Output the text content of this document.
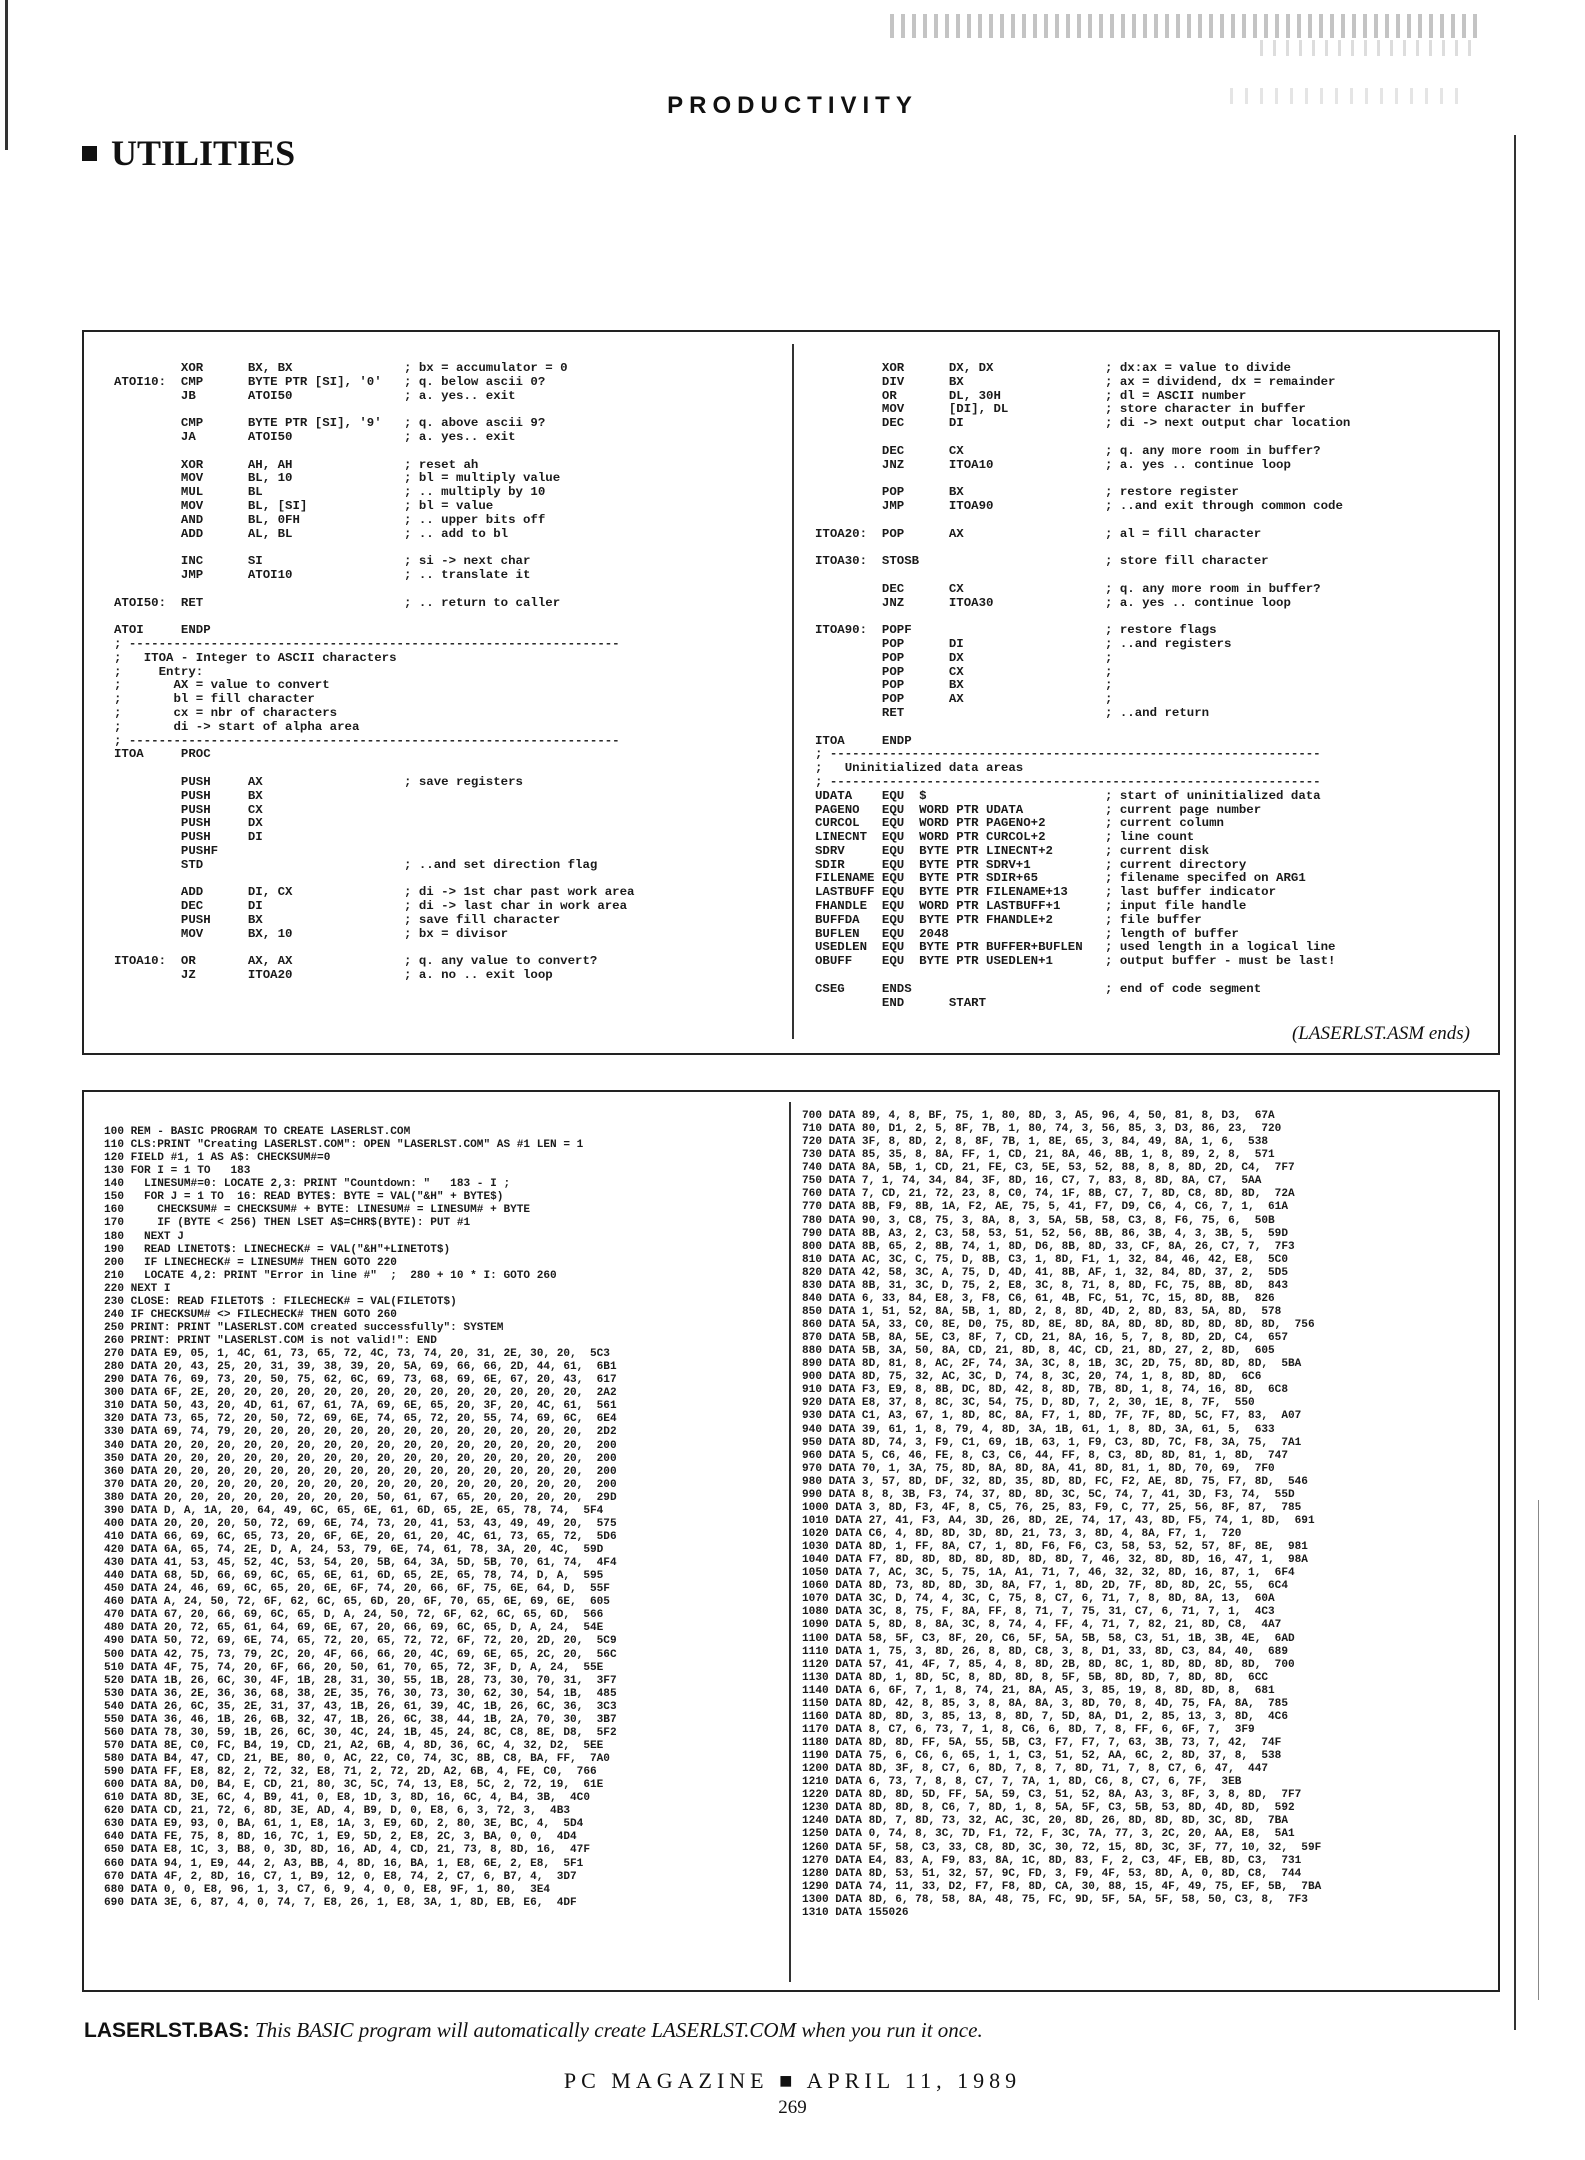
PRODUCTIVITY
UTILITIES
XOR      BX, BX               ; bx = accumulator = 0
ATOI10:  CMP      BYTE PTR [SI], '0'   ; q. below ascii 0?
JB       ATOI50               ; a. yes.. exit

CMP      BYTE PTR [SI], '9'   ; q. above ascii 9?
JA       ATOI50               ; a. yes.. exit

XOR      AH, AH               ; reset ah
MOV      BL, 10               ; bl = multiply value
MUL      BL                   ; .. multiply by 10
MOV      BL, [SI]             ; bl = value
AND      BL, 0FH              ; .. upper bits off
ADD      AL, BL               ; .. add to bl

INC      SI                   ; si -> next char
JMP      ATOI10               ; .. translate it

ATOI50:  RET                           ; .. return to caller

ATOI     ENDP
; ------------------------------------------------------------------
;   ITOA - Integer to ASCII characters
;     Entry:
;       AX = value to convert
;       bl = fill character
;       cx = nbr of characters
;       di -> start of alpha area
; ------------------------------------------------------------------
ITOA     PROC

PUSH     AX                   ; save registers
PUSH     BX
PUSH     CX
PUSH     DX
PUSH     DI
PUSHF
STD                           ; ..and set direction flag

ADD      DI, CX               ; di -> 1st char past work area
DEC      DI                   ; di -> last char in work area
PUSH     BX                   ; save fill character
MOV      BX, 10               ; bx = divisor

ITOA10:  OR       AX, AX               ; q. any value to convert?
JZ       ITOA20               ; a. no .. exit loop
XOR      DX, DX               ; dx:ax = value to divide
DIV      BX                   ; ax = dividend, dx = remainder
OR       DL, 30H              ; dl = ASCII number
MOV      [DI], DL             ; store character in buffer
DEC      DI                   ; di -> next output char location

DEC      CX                   ; q. any more room in buffer?
JNZ      ITOA10               ; a. yes .. continue loop

POP      BX                   ; restore register
JMP      ITOA90               ; ..and exit through common code

ITOA20:  POP      AX                   ; al = fill character

ITOA30:  STOSB                         ; store fill character

DEC      CX                   ; q. any more room in buffer?
JNZ      ITOA30               ; a. yes .. continue loop

ITOA90:  POPF                          ; restore flags
POP      DI                   ; ..and registers
POP      DX                   ;
POP      CX                   ;
POP      BX                   ;
POP      AX                   ;
RET                           ; ..and return

ITOA     ENDP
; ------------------------------------------------------------------
;   Uninitialized data areas
; ------------------------------------------------------------------
UDATA    EQU  $                        ; start of uninitialized data
PAGENO   EQU  WORD PTR UDATA           ; current page number
CURCOL   EQU  WORD PTR PAGENO+2        ; current column
LINECNT  EQU  WORD PTR CURCOL+2        ; line count
SDRV     EQU  BYTE PTR LINECNT+2       ; current disk
SDIR     EQU  BYTE PTR SDRV+1          ; current directory
FILENAME EQU  BYTE PTR SDIR+65         ; filename specifed on ARG1
LASTBUFF EQU  BYTE PTR FILENAME+13     ; last buffer indicator
FHANDLE  EQU  WORD PTR LASTBUFF+1      ; input file handle
BUFFDA   EQU  BYTE PTR FHANDLE+2       ; file buffer
BUFLEN   EQU  2048                     ; length of buffer
USEDLEN  EQU  BYTE PTR BUFFER+BUFLEN   ; used length in a logical line
OBUFF    EQU  BYTE PTR USEDLEN+1       ; output buffer - must be last!

CSEG     ENDS                          ; end of code segment
END      START
(LASERLST.ASM ends)
100 REM - BASIC PROGRAM TO CREATE LASERLST.COM
110 CLS:PRINT "Creating LASERLST.COM": OPEN "LASERLST.COM" AS #1 LEN = 1
120 FIELD #1, 1 AS A$: CHECKSUM#=0
130 FOR I = 1 TO   183
140   LINESUM#=0: LOCATE 2,3: PRINT "Countdown: "   183 - I ;
150   FOR J = 1 TO  16: READ BYTE$: BYTE = VAL("&H" + BYTE$)
160     CHECKSUM# = CHECKSUM# + BYTE: LINESUM# = LINESUM# + BYTE
170     IF (BYTE < 256) THEN LSET A$=CHR$(BYTE): PUT #1
180   NEXT J
190   READ LINETOT$: LINECHECK# = VAL("&H"+LINETOT$)
200   IF LINECHECK# = LINESUM# THEN GOTO 220
210   LOCATE 4,2: PRINT "Error in line #"  ;  280 + 10 * I: GOTO 260
220 NEXT I
230 CLOSE: READ FILETOT$ : FILECHECK# = VAL(FILETOT$)
240 IF CHECKSUM# <> FILECHECK# THEN GOTO 260
250 PRINT: PRINT "LASERLST.COM created successfully": SYSTEM
260 PRINT: PRINT "LASERLST.COM is not valid!": END
270 DATA E9, 05, 1, 4C, 61, 73, 65, 72, 4C, 73, 74, 20, 31, 2E, 30, 20,  5C3
280 DATA 20, 43, 25, 20, 31, 39, 38, 39, 20, 5A, 69, 66, 66, 2D, 44, 61,  6B1
290 DATA 76, 69, 73, 20, 50, 75, 62, 6C, 69, 73, 68, 69, 6E, 67, 20, 43,  617
300 DATA 6F, 2E, 20, 20, 20, 20, 20, 20, 20, 20, 20, 20, 20, 20, 20, 20,  2A2
310 DATA 50, 43, 20, 4D, 61, 67, 61, 7A, 69, 6E, 65, 20, 3F, 20, 4C, 61,  561
320 DATA 73, 65, 72, 20, 50, 72, 69, 6E, 74, 65, 72, 20, 55, 74, 69, 6C,  6E4
330 DATA 69, 74, 79, 20, 20, 20, 20, 20, 20, 20, 20, 20, 20, 20, 20, 20,  2D2
340 DATA 20, 20, 20, 20, 20, 20, 20, 20, 20, 20, 20, 20, 20, 20, 20, 20,  200
350 DATA 20, 20, 20, 20, 20, 20, 20, 20, 20, 20, 20, 20, 20, 20, 20, 20,  200
360 DATA 20, 20, 20, 20, 20, 20, 20, 20, 20, 20, 20, 20, 20, 20, 20, 20,  200
370 DATA 20, 20, 20, 20, 20, 20, 20, 20, 20, 20, 20, 20, 20, 20, 20, 20,  200
380 DATA 20, 20, 20, 20, 20, 20, 20, 20, 50, 61, 67, 65, 20, 20, 20, 20,  29D
390 DATA D, A, 1A, 20, 64, 49, 6C, 65, 6E, 61, 6D, 65, 2E, 65, 78, 74,  5F4
400 DATA 20, 20, 20, 50, 72, 69, 6E, 74, 73, 20, 41, 53, 43, 49, 49, 20,  575
410 DATA 66, 69, 6C, 65, 73, 20, 6F, 6E, 20, 61, 20, 4C, 61, 73, 65, 72,  5D6
420 DATA 6A, 65, 74, 2E, D, A, 24, 53, 79, 6E, 74, 61, 78, 3A, 20, 4C,  59D
430 DATA 41, 53, 45, 52, 4C, 53, 54, 20, 5B, 64, 3A, 5D, 5B, 70, 61, 74,  4F4
440 DATA 68, 5D, 66, 69, 6C, 65, 6E, 61, 6D, 65, 2E, 65, 78, 74, D, A,  595
450 DATA 24, 46, 69, 6C, 65, 20, 6E, 6F, 74, 20, 66, 6F, 75, 6E, 64, D,  55F
460 DATA A, 24, 50, 72, 6F, 62, 6C, 65, 6D, 20, 6F, 70, 65, 6E, 69, 6E,  605
470 DATA 67, 20, 66, 69, 6C, 65, D, A, 24, 50, 72, 6F, 62, 6C, 65, 6D,  566
480 DATA 20, 72, 65, 61, 64, 69, 6E, 67, 20, 66, 69, 6C, 65, D, A, 24,  54E
490 DATA 50, 72, 69, 6E, 74, 65, 72, 20, 65, 72, 72, 6F, 72, 20, 2D, 20,  5C9
500 DATA 42, 75, 73, 79, 2C, 20, 4F, 66, 66, 20, 4C, 69, 6E, 65, 2C, 20,  56C
510 DATA 4F, 75, 74, 20, 6F, 66, 20, 50, 61, 70, 65, 72, 3F, D, A, 24,  55E
520 DATA 1B, 26, 6C, 30, 4F, 1B, 28, 31, 30, 55, 1B, 28, 73, 30, 70, 31,  3F7
530 DATA 36, 2E, 36, 36, 68, 38, 2E, 35, 76, 30, 73, 30, 62, 30, 54, 1B,  485
540 DATA 26, 6C, 35, 2E, 31, 37, 43, 1B, 26, 61, 39, 4C, 1B, 26, 6C, 36,  3C3
550 DATA 36, 46, 1B, 26, 6B, 32, 47, 1B, 26, 6C, 38, 44, 1B, 2A, 70, 30,  3B7
560 DATA 78, 30, 59, 1B, 26, 6C, 30, 4C, 24, 1B, 45, 24, 8C, C8, 8E, D8,  5F2
570 DATA 8E, C0, FC, B4, 19, CD, 21, A2, 6B, 4, 8D, 36, 6C, 4, 32, D2,  5EE
580 DATA B4, 47, CD, 21, BE, 80, 0, AC, 22, C0, 74, 3C, 8B, C8, BA, FF,  7A0
590 DATA FF, E8, 82, 2, 72, 32, E8, 71, 2, 72, 2D, A2, 6B, 4, FE, C0,  766
600 DATA 8A, D0, B4, E, CD, 21, 80, 3C, 5C, 74, 13, E8, 5C, 2, 72, 19,  61E
610 DATA 8D, 3E, 6C, 4, B9, 41, 0, E8, 1D, 3, 8D, 16, 6C, 4, B4, 3B,  4C0
620 DATA CD, 21, 72, 6, 8D, 3E, AD, 4, B9, D, 0, E8, 6, 3, 72, 3,  4B3
630 DATA E9, 93, 0, BA, 61, 1, E8, 1A, 3, E9, 6D, 2, 80, 3E, BC, 4,  5D4
640 DATA FE, 75, 8, 8D, 16, 7C, 1, E9, 5D, 2, E8, 2C, 3, BA, 0, 0,  4D4
650 DATA E8, 1C, 3, B8, 0, 3D, 8D, 16, AD, 4, CD, 21, 73, 8, 8D, 16,  47F
660 DATA 94, 1, E9, 44, 2, A3, BB, 4, 8D, 16, BA, 1, E8, 6E, 2, E8,  5F1
670 DATA 4F, 2, 8D, 16, C7, 1, B9, 12, 0, E8, 74, 2, C7, 6, B7, 4,  3D7
680 DATA 0, 0, E8, 96, 1, 3, C7, 6, 9, 4, 0, 0, E8, 9F, 1, 80,  3E4
690 DATA 3E, 6, 87, 4, 0, 74, 7, E8, 26, 1, E8, 3A, 1, 8D, EB, E6,  4DF
700 DATA 89, 4, 8, BF, 75, 1, 80, 8D, 3, A5, 96, 4, 50, 81, 8, D3,  67A
710 DATA 80, D1, 2, 5, 8F, 7B, 1, 80, 74, 3, 56, 85, 3, D3, 86, 23,  720
720 DATA 3F, 8, 8D, 2, 8, 8F, 7B, 1, 8E, 65, 3, 84, 49, 8A, 1, 6,  538
730 DATA 85, 35, 8, 8A, FF, 1, CD, 21, 8A, 46, 8B, 1, 8, 89, 2, 8,  571
740 DATA 8A, 5B, 1, CD, 21, FE, C3, 5E, 53, 52, 88, 8, 8, 8D, 2D, C4,  7F7
750 DATA 7, 1, 74, 34, 84, 3F, 8D, 16, C7, 7, 83, 8, 8D, 8A, C7,  5AA
760 DATA 7, CD, 21, 72, 23, 8, C0, 74, 1F, 8B, C7, 7, 8D, C8, 8D, 8D,  72A
770 DATA 8B, F9, 8B, 1A, F2, AE, 75, 5, 41, F7, D9, C6, 4, C6, 7, 1,  61A
780 DATA 90, 3, C8, 75, 3, 8A, 8, 3, 5A, 5B, 58, C3, 8, F6, 75, 6,  50B
790 DATA 8B, A3, 2, C3, 58, 53, 51, 52, 56, 8B, 86, 3B, 4, 3, 3B, 5,  59D
800 DATA 8B, 65, 2, 8B, 74, 1, 8D, D6, 8B, 8D, 33, CF, 8A, 26, C7, 7,  7F3
810 DATA AC, 3C, C, 75, D, 8B, C3, 1, 8D, F1, 1, 32, 84, 46, 42, E8,  5C0
820 DATA 42, 58, 3C, A, 75, D, 4D, 41, 8B, AF, 1, 32, 84, 8D, 37, 2,  5D5
830 DATA 8B, 31, 3C, D, 75, 2, E8, 3C, 8, 71, 8, 8D, FC, 75, 8B, 8D,  843
840 DATA 6, 33, 84, E8, 3, F8, C6, 61, 4B, FC, 51, 7C, 15, 8D, 8B,  826
850 DATA 1, 51, 52, 8A, 5B, 1, 8D, 2, 8, 8D, 4D, 2, 8D, 83, 5A, 8D,  578
860 DATA 5A, 33, C0, 8E, D0, 75, 8D, 8E, 8D, 8A, 8D, 8D, 8D, 8D, 8D, 8D,  756
870 DATA 5B, 8A, 5E, C3, 8F, 7, CD, 21, 8A, 16, 5, 7, 8, 8D, 2D, C4,  657
880 DATA 5B, 3A, 50, 8A, CD, 21, 8D, 8, 4C, CD, 21, 8D, 27, 2, 8D,  605
890 DATA 8D, 81, 8, AC, 2F, 74, 3A, 3C, 8, 1B, 3C, 2D, 75, 8D, 8D, 8D,  5BA
900 DATA 8D, 75, 32, AC, 3C, D, 74, 8, 3C, 20, 74, 1, 8, 8D, 8D,  6C6
910 DATA F3, E9, 8, 8B, DC, 8D, 42, 8, 8D, 7B, 8D, 1, 8, 74, 16, 8D,  6C8
920 DATA E8, 37, 8, 8C, 3C, 54, 75, D, 8D, 7, 2, 30, 1E, 8, 7F,  550
930 DATA C1, A3, 67, 1, 8D, 8C, 8A, F7, 1, 8D, 7F, 7F, 8D, 5C, F7, 83,  A07
940 DATA 39, 61, 1, 8, 79, 4, 8D, 3A, 1B, 61, 1, 8, 8D, 3A, 61, 5,  633
950 DATA 8D, 74, 3, F9, C1, 69, 1B, 63, 1, F9, C3, 8D, 7C, F8, 3A, 75,  7A1
960 DATA 5, C6, 46, FE, 8, C3, C6, 44, FF, 8, C3, 8D, 8D, 81, 1, 8D,  747
970 DATA 70, 1, 3A, 75, 8D, 8A, 8D, 8A, 41, 8D, 81, 1, 8D, 70, 69,  7F0
980 DATA 3, 57, 8D, DF, 32, 8D, 35, 8D, 8D, FC, F2, AE, 8D, 75, F7, 8D,  546
990 DATA 8, 8, 3B, F3, 74, 37, 8D, 8D, 3C, 5C, 74, 7, 41, 3D, F3, 74,  55D
1000 DATA 3, 8D, F3, 4F, 8, C5, 76, 25, 83, F9, C, 77, 25, 56, 8F, 87,  785
1010 DATA 27, 41, F3, A4, 3D, 26, 8D, 2E, 74, 17, 43, 8D, F5, 74, 1, 8D,  691
1020 DATA C6, 4, 8D, 8D, 3D, 8D, 21, 73, 3, 8D, 4, 8A, F7, 1,  720
1030 DATA 8D, 1, FF, 8A, C7, 1, 8D, F6, F6, C3, 58, 53, 52, 57, 8F, 8E,  981
1040 DATA F7, 8D, 8D, 8D, 8D, 8D, 8D, 8D, 7, 46, 32, 8D, 8D, 16, 47, 1,  98A
1050 DATA 7, AC, 3C, 5, 75, 1A, A1, 71, 7, 46, 32, 32, 8D, 16, 87, 1,  6F4
1060 DATA 8D, 73, 8D, 8D, 3D, 8A, F7, 1, 8D, 2D, 7F, 8D, 8D, 2C, 55,  6C4
1070 DATA 3C, D, 74, 4, 3C, C, 75, 8, C7, 6, 71, 7, 8, 8D, 8A, 13,  60A
1080 DATA 3C, 8, 75, F, 8A, FF, 8, 71, 7, 75, 31, C7, 6, 71, 7, 1,  4C3
1090 DATA 5, 8D, 8, 8A, 3C, 8, 74, 4, FF, 4, 71, 7, 82, 21, 8D, C8,  4A7
1100 DATA 58, 5F, C3, 8F, 20, C6, 5F, 5A, 5B, 58, C3, 51, 1B, 3B, 4E,  6AD
1110 DATA 1, 75, 3, 8D, 26, 8, 8D, C8, 3, 8, D1, 33, 8D, C3, 84, 40,  689
1120 DATA 57, 41, 4F, 7, 85, 4, 8, 8D, 2B, 8D, 8C, 1, 8D, 8D, 8D, 8D,  700
1130 DATA 8D, 1, 8D, 5C, 8, 8D, 8D, 8, 5F, 5B, 8D, 8D, 7, 8D, 8D,  6CC
1140 DATA 6, 6F, 7, 1, 8, 74, 21, 8A, A5, 3, 85, 19, 8, 8D, 8D, 8,  681
1150 DATA 8D, 42, 8, 85, 3, 8, 8A, 8A, 3, 8D, 70, 8, 4D, 75, FA, 8A,  785
1160 DATA 8D, 8D, 3, 85, 13, 8, 8D, 7, 5D, 8A, D1, 2, 85, 13, 3, 8D,  4C6
1170 DATA 8, C7, 6, 73, 7, 1, 8, C6, 6, 8D, 7, 8, FF, 6, 6F, 7,  3F9
1180 DATA 8D, 8D, FF, 5A, 55, 5B, C3, F7, F7, 7, 63, 3B, 73, 7, 42,  74F
1190 DATA 75, 6, C6, 6, 65, 1, 1, C3, 51, 52, AA, 6C, 2, 8D, 37, 8,  538
1200 DATA 8D, 3F, 8, C7, 6, 8D, 7, 8, 7, 8D, 71, 7, 8, C7, 6, 47,  447
1210 DATA 6, 73, 7, 8, 8, C7, 7, 7A, 1, 8D, C6, 8, C7, 6, 7F,  3EB
1220 DATA 8D, 8D, 5D, FF, 5A, 59, C3, 51, 52, 8A, A3, 3, 8F, 3, 8, 8D,  7F7
1230 DATA 8D, 8D, 8, C6, 7, 8D, 1, 8, 5A, 5F, C3, 5B, 53, 8D, 4D, 8D,  592
1240 DATA 8D, 7, 8D, 73, 32, AC, 3C, 20, 8D, 26, 8D, 8D, 8D, 3C, 8D,  7BA
1250 DATA 0, 74, 8, 3C, 7D, F1, 72, F, 3C, 7A, 77, 3, 2C, 20, AA, E8,  5A1
1260 DATA 5F, 58, C3, 33, C8, 8D, 3C, 30, 72, 15, 8D, 3C, 3F, 77, 10, 32,  59F
1270 DATA E4, 83, A, F9, 83, 8A, 1C, 8D, 83, F, 2, C3, 4F, EB, 8D, C3,  731
1280 DATA 8D, 53, 51, 32, 57, 9C, FD, 3, F9, 4F, 53, 8D, A, 0, 8D, C8,  744
1290 DATA 74, 11, 33, D2, F7, F8, 8D, CA, 30, 88, 15, 4F, 49, 75, EF, 5B,  7BA
1300 DATA 8D, 6, 78, 58, 8A, 48, 75, FC, 9D, 5F, 5A, 5F, 58, 50, C3, 8,  7F3
1310 DATA 155026
LASERLST.BAS: This BASIC program will automatically create LASERLST.COM when you run it once.
PC MAGAZINE ■ APRIL 11, 1989
269
